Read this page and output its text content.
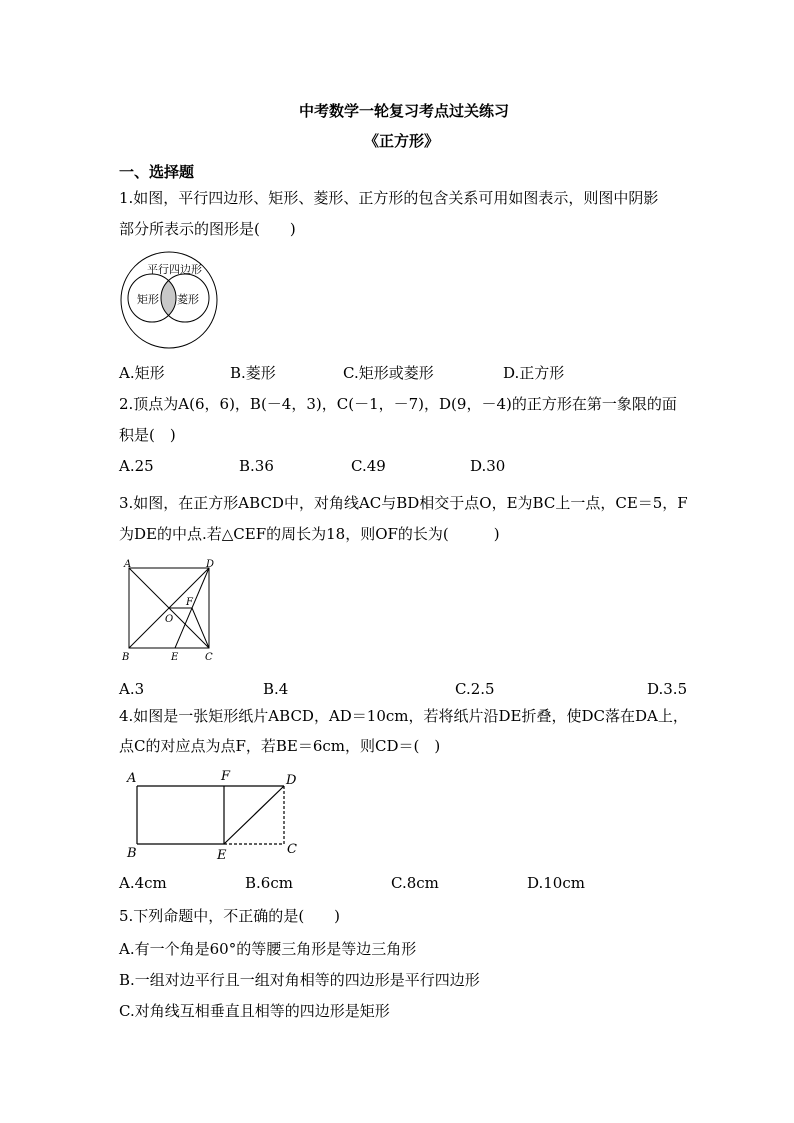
中考数学一轮复习考点过关练习
《正方形》
一、选择题
1.如图，平行四边形、矩形、菱形、正方形的包含关系可用如图表示，则图中阴影
部分所表示的图形是(　　)
平行四边形
矩形 菱形
A.矩形	B.菱形	C.矩形或菱形	D.正方形
2.顶点为A(6，6)，B(－4，3)，C(－1，－7)，D(9，－4)的正方形在第一象限的面
积是(　)
A.25	B.36	C.49	D.30
3.如图，在正方形ABCD中，对角线AC与BD相交于点O，E为BC上一点，CE＝5，F
为DE的中点.若△CEF的周长为18，则OF的长为(　　　)
A	D
B	E	C
F
O
A.3	B.4	C.2.5	D.3.5
4.如图是一张矩形纸片ABCD，AD＝10cm，若将纸片沿DE折叠，使DC落在DA上，
点C的对应点为点F，若BE＝6cm，则CD＝(　)
A	F	D
B	E	C
A.4cm	B.6cm	C.8cm	D.10cm
5.下列命题中，不正确的是(　　)
A.有一个角是60°的等腰三角形是等边三角形
B.一组对边平行且一组对角相等的四边形是平行四边形
C.对角线互相垂直且相等的四边形是矩形
